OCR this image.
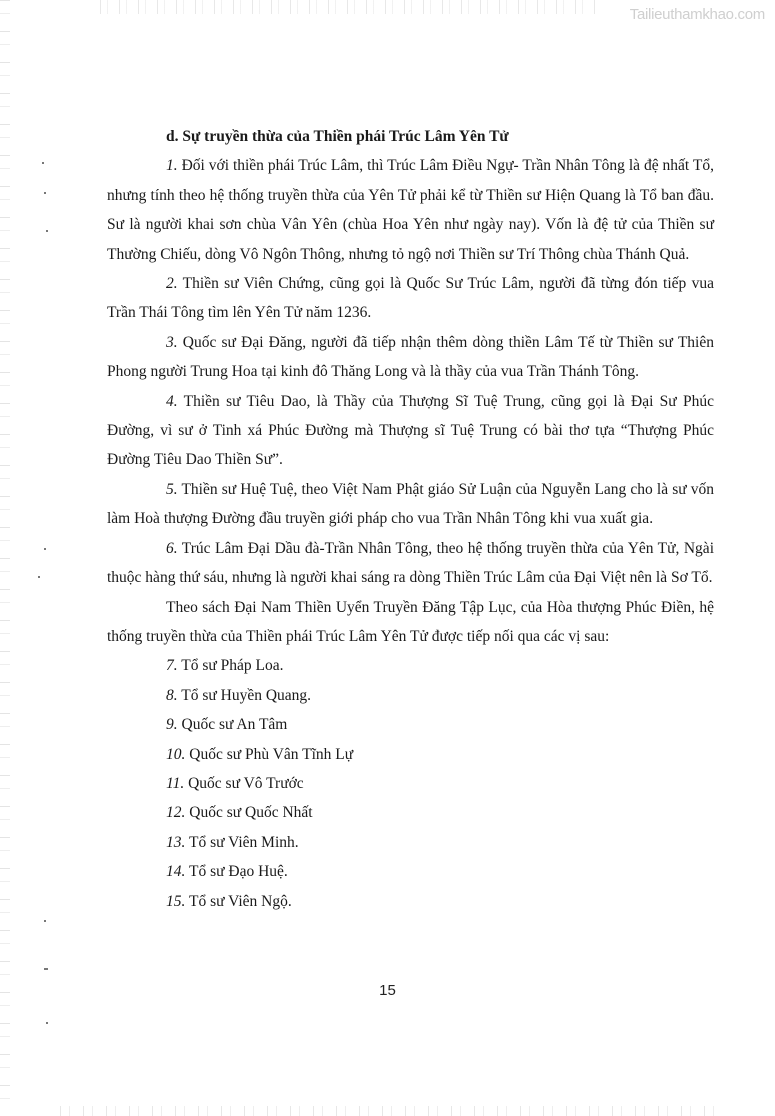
Tailieuthamkhao.com

d. Sự truyền thừa của Thiền phái Trúc Lâm Yên Tử

1. Đối với thiền phái Trúc Lâm, thì Trúc Lâm Điều Ngự- Trần Nhân Tông là đệ nhất Tổ, nhưng tính theo hệ thống truyền thừa của Yên Tử phải kể từ Thiền sư Hiện Quang là Tổ ban đầu. Sư là người khai sơn chùa Vân Yên (chùa Hoa Yên như ngày nay). Vốn là đệ tử của Thiền sư Thường Chiếu, dòng Vô Ngôn Thông, nhưng tỏ ngộ nơi Thiền sư Trí Thông chùa Thánh Quả.

2. Thiền sư Viên Chứng, cũng gọi là Quốc Sư Trúc Lâm, người đã từng đón tiếp vua Trần Thái Tông tìm lên Yên Tử năm 1236.

3. Quốc sư Đại Đăng, người đã tiếp nhận thêm dòng thiền Lâm Tế từ Thiền sư Thiên Phong người Trung Hoa tại kinh đô Thăng Long và là thầy của vua Trần Thánh Tông.

4. Thiền sư Tiêu Dao, là Thầy của Thượng Sĩ Tuệ Trung, cũng gọi là Đại Sư Phúc Đường, vì sư ở Tinh xá Phúc Đường mà Thượng sĩ Tuệ Trung có bài thơ tựa “Thượng Phúc Đường Tiêu Dao Thiền Sư”.

5. Thiền sư Huệ Tuệ, theo Việt Nam Phật giáo Sử Luận của Nguyễn Lang cho là sư vốn làm Hoà thượng Đường đầu truyền giới pháp cho vua Trần Nhân Tông khi vua xuất gia.

6. Trúc Lâm Đại Dầu đà-Trần Nhân Tông, theo hệ thống truyền thừa của Yên Tử, Ngài thuộc hàng thứ sáu, nhưng là người khai sáng ra dòng Thiền Trúc Lâm của Đại Việt nên là Sơ Tổ.

Theo sách Đại Nam Thiền Uyển Truyền Đăng Tập Lục, của Hòa thượng Phúc Điền, hệ thống truyền thừa của Thiền phái Trúc Lâm Yên Tử được tiếp nối qua các vị sau:

7. Tổ sư Pháp Loa.

8. Tổ sư Huyền Quang.

9. Quốc sư An Tâm

10. Quốc sư Phù Vân Tĩnh Lự

11. Quốc sư Vô Trước

12. Quốc sư Quốc Nhất

13. Tổ sư Viên Minh.

14. Tổ sư Đạo Huệ.

15. Tổ sư Viên Ngộ.

15
